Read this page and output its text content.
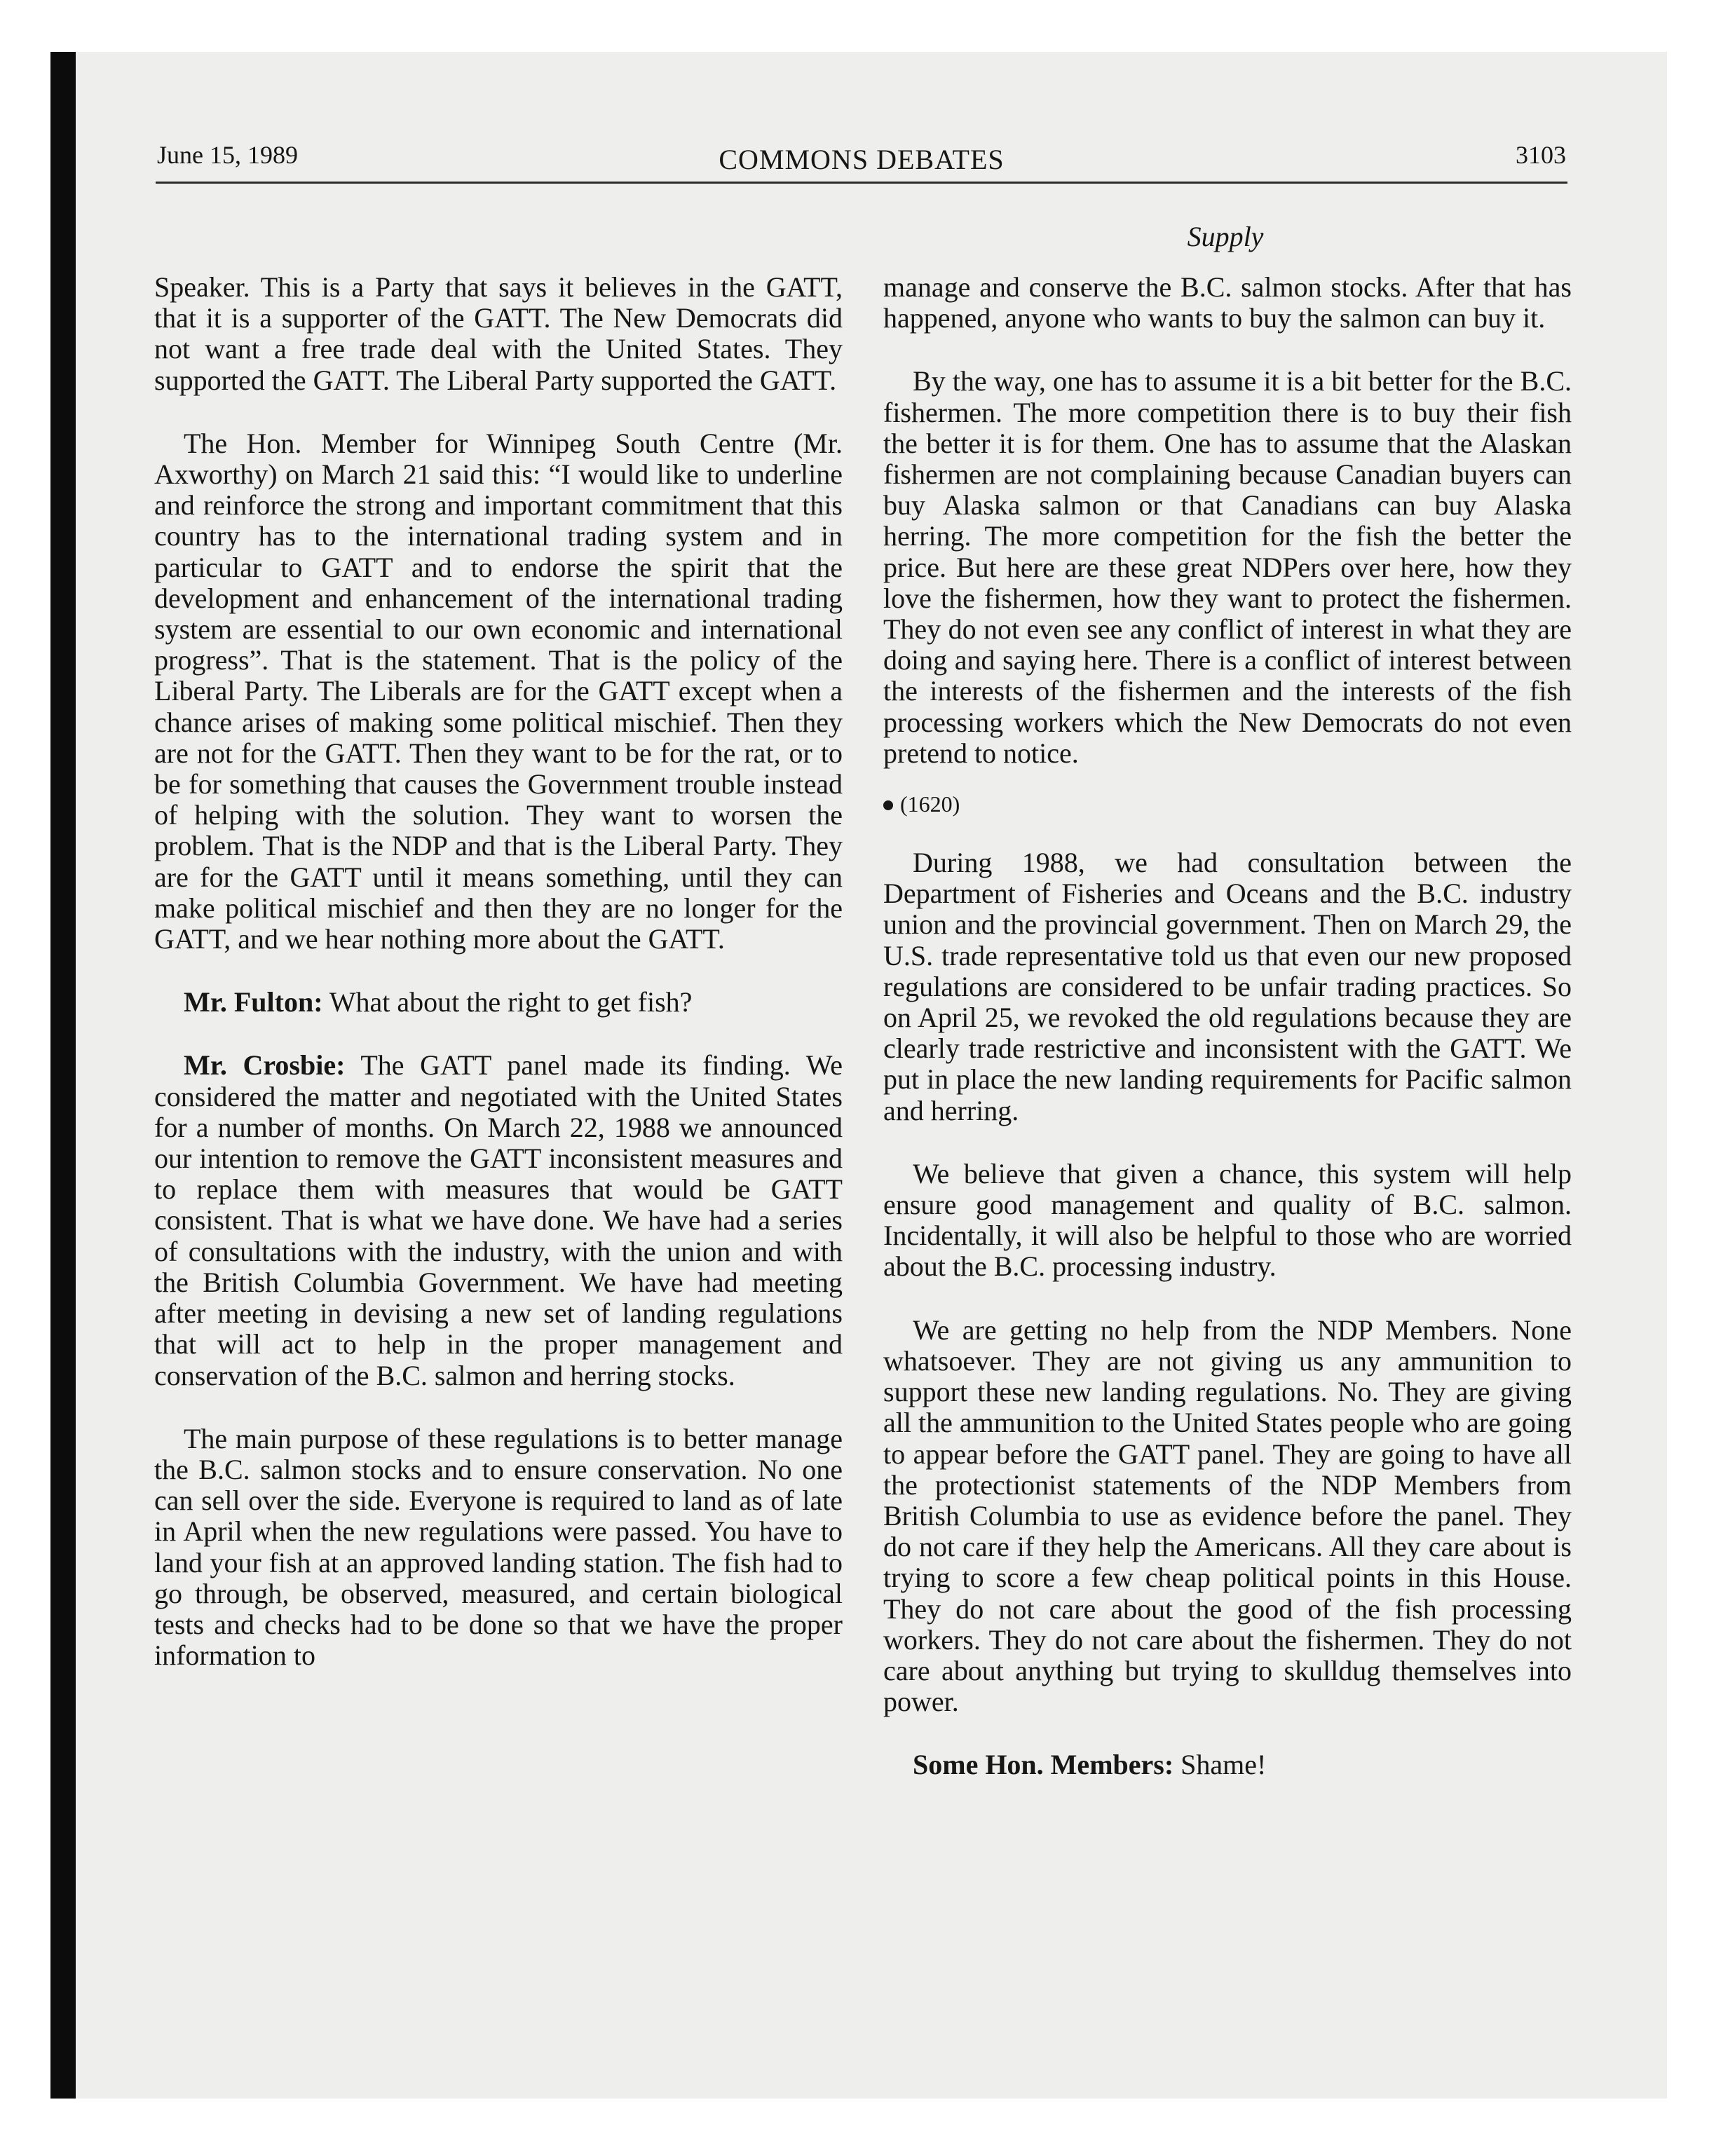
June 15, 1989	COMMONS DEBATES	3103
Supply

Speaker. This is a Party that says it believes in the GATT, that it is a supporter of the GATT. The New Democrats did not want a free trade deal with the United States. They supported the GATT. The Liberal Party supported the GATT.

The Hon. Member for Winnipeg South Centre (Mr. Axworthy) on March 21 said this: “I would like to underline and reinforce the strong and important commitment that this country has to the international trading system and in particular to GATT and to endorse the spirit that the development and enhancement of the international trading system are essential to our own economic and international progress”. That is the statement. That is the policy of the Liberal Party. The Liberals are for the GATT except when a chance arises of making some political mischief. Then they are not for the GATT. Then they want to be for the rat, or to be for something that causes the Government trouble instead of helping with the solution. They want to worsen the problem. That is the NDP and that is the Liberal Party. They are for the GATT until it means something, until they can make political mischief and then they are no longer for the GATT, and we hear nothing more about the GATT.

Mr. Fulton: What about the right to get fish?

Mr. Crosbie: The GATT panel made its finding. We considered the matter and negotiated with the United States for a number of months. On March 22, 1988 we announced our intention to remove the GATT inconsistent measures and to replace them with measures that would be GATT consistent. That is what we have done. We have had a series of consultations with the industry, with the union and with the British Columbia Government. We have had meeting after meeting in devising a new set of landing regulations that will act to help in the proper management and conservation of the B.C. salmon and herring stocks.

The main purpose of these regulations is to better manage the B.C. salmon stocks and to ensure conservation. No one can sell over the side. Everyone is required to land as of late in April when the new regulations were passed. You have to land your fish at an approved landing station. The fish had to go through, be observed, measured, and certain biological tests and checks had to be done so that we have the proper information to

manage and conserve the B.C. salmon stocks. After that has happened, anyone who wants to buy the salmon can buy it.

By the way, one has to assume it is a bit better for the B.C. fishermen. The more competition there is to buy their fish the better it is for them. One has to assume that the Alaskan fishermen are not complaining because Canadian buyers can buy Alaska salmon or that Canadians can buy Alaska herring. The more competition for the fish the better the price. But here are these great NDPers over here, how they love the fishermen, how they want to protect the fishermen. They do not even see any conflict of interest in what they are doing and saying here. There is a conflict of interest between the interests of the fishermen and the interests of the fish processing workers which the New Democrats do not even pretend to notice.

(1620)

During 1988, we had consultation between the Department of Fisheries and Oceans and the B.C. industry union and the provincial government. Then on March 29, the U.S. trade representative told us that even our new proposed regulations are considered to be unfair trading practices. So on April 25, we revoked the old regulations because they are clearly trade restrictive and inconsistent with the GATT. We put in place the new landing requirements for Pacific salmon and herring.

We believe that given a chance, this system will help ensure good management and quality of B.C. salmon. Incidentally, it will also be helpful to those who are worried about the B.C. processing industry.

We are getting no help from the NDP Members. None whatsoever. They are not giving us any ammunition to support these new landing regulations. No. They are giving all the ammunition to the United States people who are going to appear before the GATT panel. They are going to have all the protectionist statements of the NDP Members from British Columbia to use as evidence before the panel. They do not care if they help the Americans. All they care about is trying to score a few cheap political points in this House. They do not care about the good of the fish processing workers. They do not care about the fishermen. They do not care about anything but trying to skulldug themselves into power.

Some Hon. Members: Shame!
